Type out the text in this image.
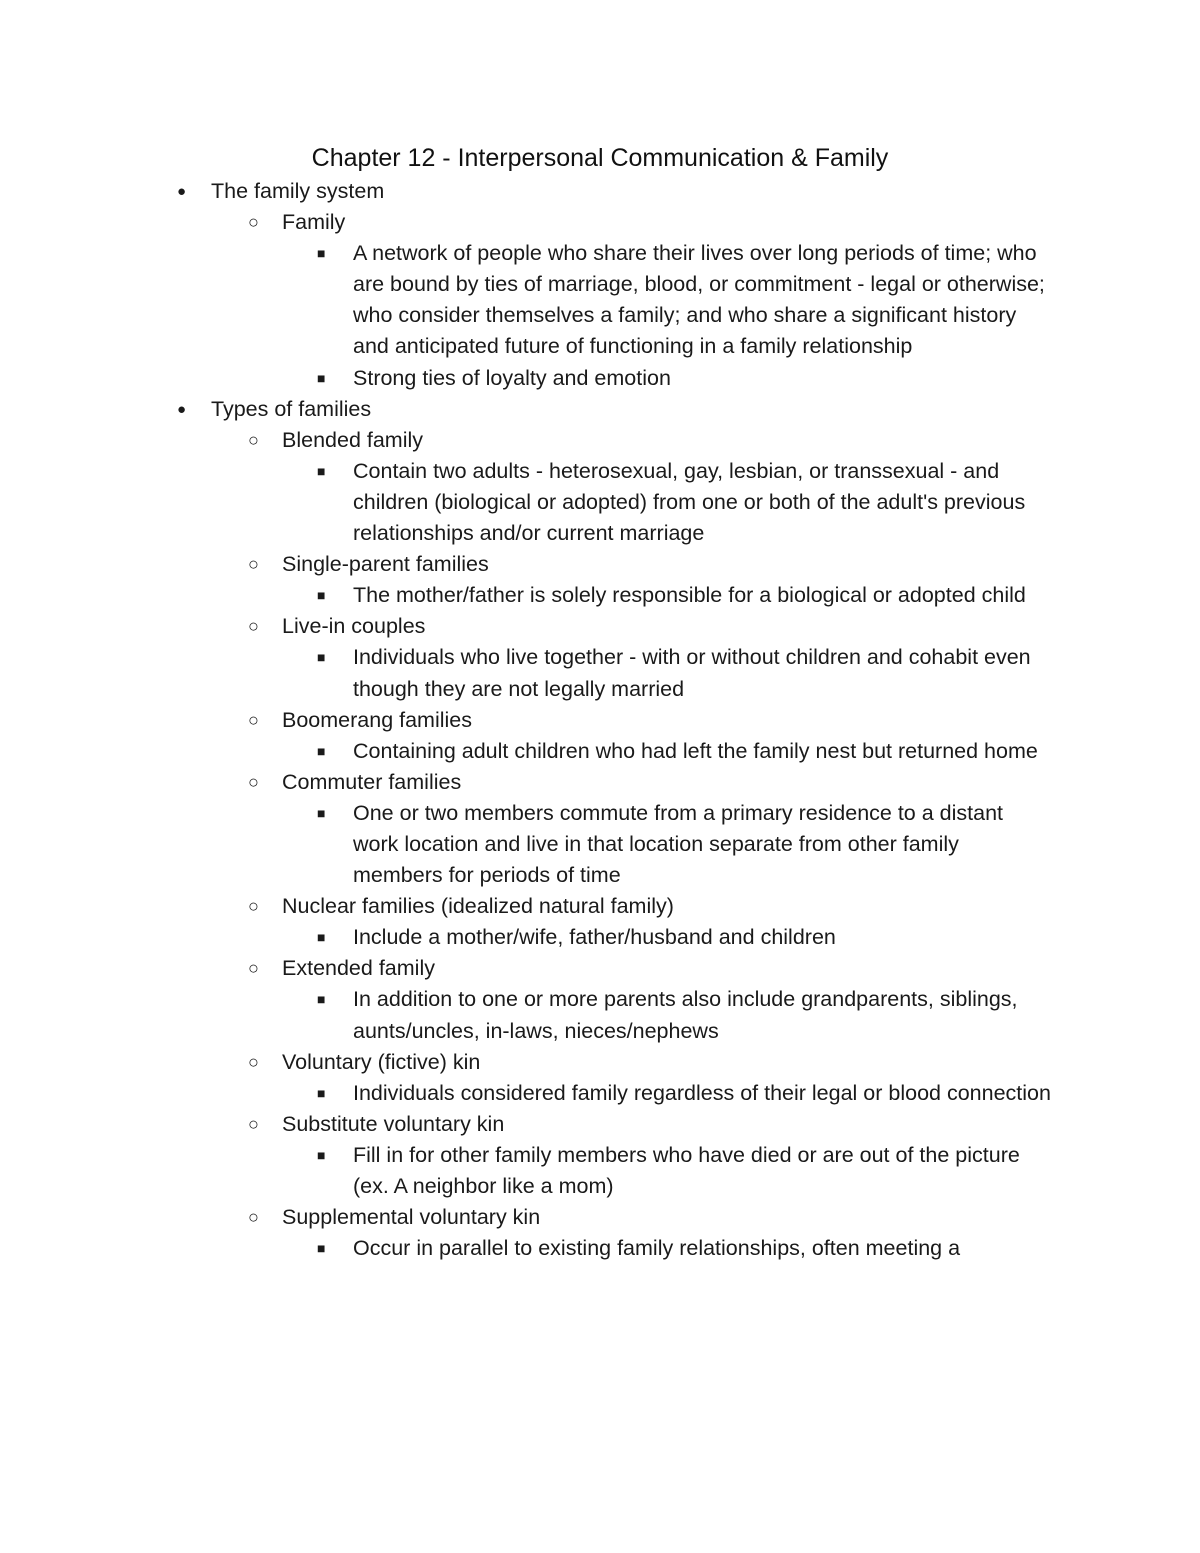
Chapter 12 - Interpersonal Communication & Family
● The family system
○ Family
■ A network of people who share their lives over long periods of time; who are bound by ties of marriage, blood, or commitment - legal or otherwise; who consider themselves a family; and who share a significant history and anticipated future of functioning in a family relationship
■ Strong ties of loyalty and emotion
● Types of families
○ Blended family
■ Contain two adults - heterosexual, gay, lesbian, or transsexual - and children (biological or adopted) from one or both of the adult's previous relationships and/or current marriage
○ Single-parent families
■ The mother/father is solely responsible for a biological or adopted child
○ Live-in couples
■ Individuals who live together - with or without children and cohabit even though they are not legally married
○ Boomerang families
■ Containing adult children who had left the family nest but returned home
○ Commuter families
■ One or two members commute from a primary residence to a distant work location and live in that location separate from other family members for periods of time
○ Nuclear families (idealized natural family)
■ Include a mother/wife, father/husband and children
○ Extended family
■ In addition to one or more parents also include grandparents, siblings, aunts/uncles, in-laws, nieces/nephews
○ Voluntary (fictive) kin
■ Individuals considered family regardless of their legal or blood connection
○ Substitute voluntary kin
■ Fill in for other family members who have died or are out of the picture (ex. A neighbor like a mom)
○ Supplemental voluntary kin
■ Occur in parallel to existing family relationships, often meeting a
